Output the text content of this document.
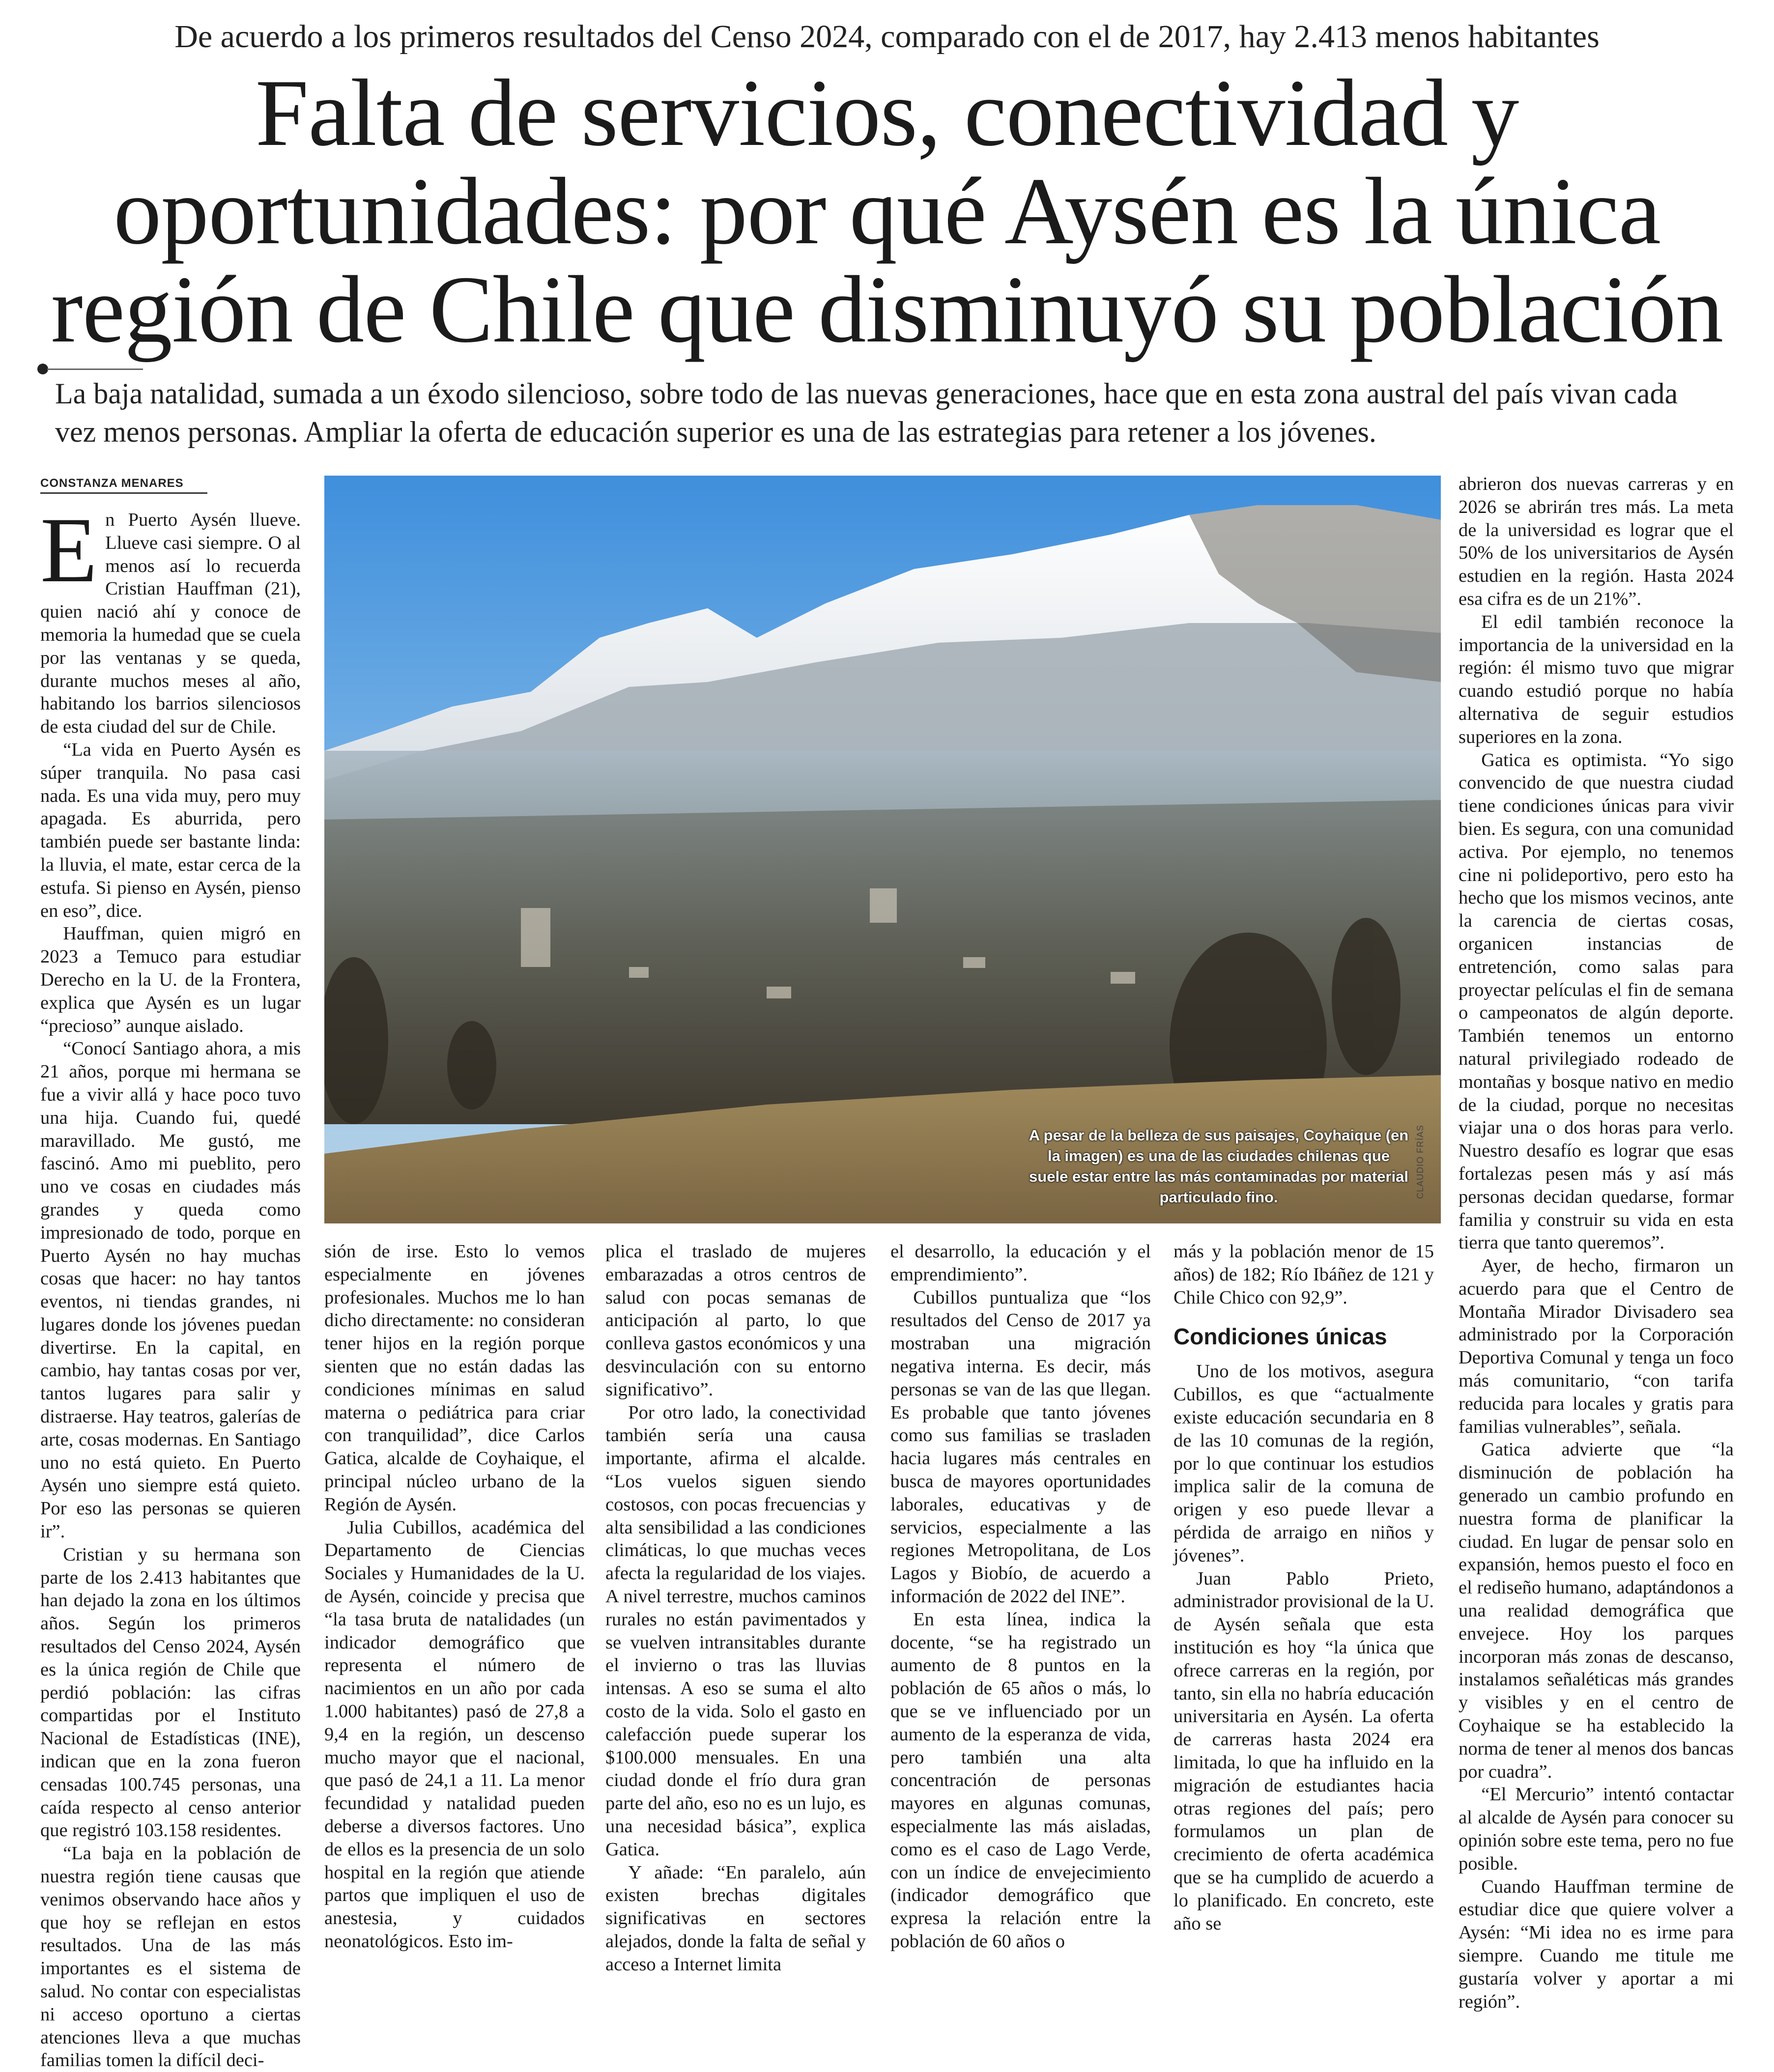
De acuerdo a los primeros resultados del Censo 2024, comparado con el de 2017, hay 2.413 menos habitantes
Falta de servicios, conectividad y oportunidades: por qué Aysén es la única región de Chile que disminuyó su población
La baja natalidad, sumada a un éxodo silencioso, sobre todo de las nuevas generaciones, hace que en esta zona austral del país vivan cada vez menos personas. Ampliar la oferta de educación superior es una de las estrategias para retener a los jóvenes.
CONSTANZA MENARES

En Puerto Aysén llueve. Llueve casi siempre. O al menos así lo recuerda Cristian Hauffman (21), quien nació ahí y conoce de memoria la humedad que se cuela por las ventanas y se queda, durante muchos meses al año, habitando los barrios silenciosos de esta ciudad del sur de Chile.

“La vida en Puerto Aysén es súper tranquila. No pasa casi nada. Es una vida muy, pero muy apagada. Es aburrida, pero también puede ser bastante linda: la lluvia, el mate, estar cerca de la estufa. Si pienso en Aysén, pienso en eso”, dice.

Hauffman, quien migró en 2023 a Temuco para estudiar Derecho en la U. de la Frontera, explica que Aysén es un lugar “precioso” aunque aislado.

“Conocí Santiago ahora, a mis 21 años, porque mi hermana se fue a vivir allá y hace poco tuvo una hija. Cuando fui, quedé maravillado. Me gustó, me fascinó. Amo mi pueblito, pero uno ve cosas en ciudades más grandes y queda como impresionado de todo, porque en Puerto Aysén no hay muchas cosas que hacer: no hay tantos eventos, ni tiendas grandes, ni lugares donde los jóvenes puedan divertirse. En la capital, en cambio, hay tantas cosas por ver, tantos lugares para salir y distraerse. Hay teatros, galerías de arte, cosas modernas. En Santiago uno no está quieto. En Puerto Aysén uno siempre está quieto. Por eso las personas se quieren ir”.

Cristian y su hermana son parte de los 2.413 habitantes que han dejado la zona en los últimos años. Según los primeros resultados del Censo 2024, Aysén es la única región de Chile que perdió población: las cifras compartidas por el Instituto Nacional de Estadísticas (INE), indican que en la zona fueron censadas 100.745 personas, una caída respecto al censo anterior que registró 103.158 residentes.

“La baja en la población de nuestra región tiene causas que venimos observando hace años y que hoy se reflejan en estos resultados. Una de las más importantes es el sistema de salud. No contar con especialistas ni acceso oportuno a ciertas atenciones lleva a que muchas familias tomen la difícil deci-

A pesar de la belleza de sus paisajes, Coyhaique (en la imagen) es una de las ciudades chilenas que suele estar entre las más contaminadas por material particulado fino.	CLAUDIO FRÍAS

sión de irse. Esto lo vemos especialmente en jóvenes profesionales. Muchos me lo han dicho directamente: no consideran tener hijos en la región porque sienten que no están dadas las condiciones mínimas en salud materna o pediátrica para criar con tranquilidad”, dice Carlos Gatica, alcalde de Coyhaique, el principal núcleo urbano de la Región de Aysén.

Julia Cubillos, académica del Departamento de Ciencias Sociales y Humanidades de la U. de Aysén, coincide y precisa que “la tasa bruta de natalidades (un indicador demográfico que representa el número de nacimientos en un año por cada 1.000 habitantes) pasó de 27,8 a 9,4 en la región, un descenso mucho mayor que el nacional, que pasó de 24,1 a 11. La menor fecundidad y natalidad pueden deberse a diversos factores. Uno de ellos es la presencia de un solo hospital en la región que atiende partos que impliquen el uso de anestesia, y cuidados neonatológicos. Esto im-

plica el traslado de mujeres embarazadas a otros centros de salud con pocas semanas de anticipación al parto, lo que conlleva gastos económicos y una desvinculación con su entorno significativo”.

Por otro lado, la conectividad también sería una causa importante, afirma el alcalde. “Los vuelos siguen siendo costosos, con pocas frecuencias y alta sensibilidad a las condiciones climáticas, lo que muchas veces afecta la regularidad de los viajes. A nivel terrestre, muchos caminos rurales no están pavimentados y se vuelven intransitables durante el invierno o tras las lluvias intensas. A eso se suma el alto costo de la vida. Solo el gasto en calefacción puede superar los $100.000 mensuales. En una ciudad donde el frío dura gran parte del año, eso no es un lujo, es una necesidad básica”, explica Gatica.

Y añade: “En paralelo, aún existen brechas digitales significativas en sectores alejados, donde la falta de señal y acceso a Internet limita

el desarrollo, la educación y el emprendimiento”.

Cubillos puntualiza que “los resultados del Censo de 2017 ya mostraban una migración negativa interna. Es decir, más personas se van de las que llegan. Es probable que tanto jóvenes como sus familias se trasladen hacia lugares más centrales en busca de mayores oportunidades laborales, educativas y de servicios, especialmente a las regiones Metropolitana, de Los Lagos y Biobío, de acuerdo a información de 2022 del INE”.

En esta línea, indica la docente, “se ha registrado un aumento de 8 puntos en la población de 65 años o más, lo que se ve influenciado por un aumento de la esperanza de vida, pero también una alta concentración de personas mayores en algunas comunas, especialmente las más aisladas, como es el caso de Lago Verde, con un índice de envejecimiento (indicador demográfico que expresa la relación entre la población de 60 años o

más y la población menor de 15 años) de 182; Río Ibáñez de 121 y Chile Chico con 92,9”.

Condiciones únicas

Uno de los motivos, asegura Cubillos, es que “actualmente existe educación secundaria en 8 de las 10 comunas de la región, por lo que continuar los estudios implica salir de la comuna de origen y eso puede llevar a pérdida de arraigo en niños y jóvenes”.

Juan Pablo Prieto, administrador provisional de la U. de Aysén señala que esta institución es hoy “la única que ofrece carreras en la región, por tanto, sin ella no habría educación universitaria en Aysén. La oferta de carreras hasta 2024 era limitada, lo que ha influido en la migración de estudiantes hacia otras regiones del país; pero formulamos un plan de crecimiento de oferta académica que se ha cumplido de acuerdo a lo planificado. En concreto, este año se

abrieron dos nuevas carreras y en 2026 se abrirán tres más. La meta de la universidad es lograr que el 50% de los universitarios de Aysén estudien en la región. Hasta 2024 esa cifra es de un 21%”.

El edil también reconoce la importancia de la universidad en la región: él mismo tuvo que migrar cuando estudió porque no había alternativa de seguir estudios superiores en la zona.

Gatica es optimista. “Yo sigo convencido de que nuestra ciudad tiene condiciones únicas para vivir bien. Es segura, con una comunidad activa. Por ejemplo, no tenemos cine ni polideportivo, pero esto ha hecho que los mismos vecinos, ante la carencia de ciertas cosas, organicen instancias de entretención, como salas para proyectar películas el fin de semana o campeonatos de algún deporte. También tenemos un entorno natural privilegiado rodeado de montañas y bosque nativo en medio de la ciudad, porque no necesitas viajar una o dos horas para verlo. Nuestro desafío es lograr que esas fortalezas pesen más y así más personas decidan quedarse, formar familia y construir su vida en esta tierra que tanto queremos”.

Ayer, de hecho, firmaron un acuerdo para que el Centro de Montaña Mirador Divisadero sea administrado por la Corporación Deportiva Comunal y tenga un foco más comunitario, “con tarifa reducida para locales y gratis para familias vulnerables”, señala.

Gatica advierte que “la disminución de población ha generado un cambio profundo en nuestra forma de planificar la ciudad. En lugar de pensar solo en expansión, hemos puesto el foco en el rediseño humano, adaptándonos a una realidad demográfica que envejece. Hoy los parques incorporan más zonas de descanso, instalamos señaléticas más grandes y visibles y en el centro de Coyhaique se ha establecido la norma de tener al menos dos bancas por cuadra”.

“El Mercurio” intentó contactar al alcalde de Aysén para conocer su opinión sobre este tema, pero no fue posible.

Cuando Hauffman termine de estudiar dice que quiere volver a Aysén: “Mi idea no es irme para siempre. Cuando me titule me gustaría volver y aportar a mi región”.
